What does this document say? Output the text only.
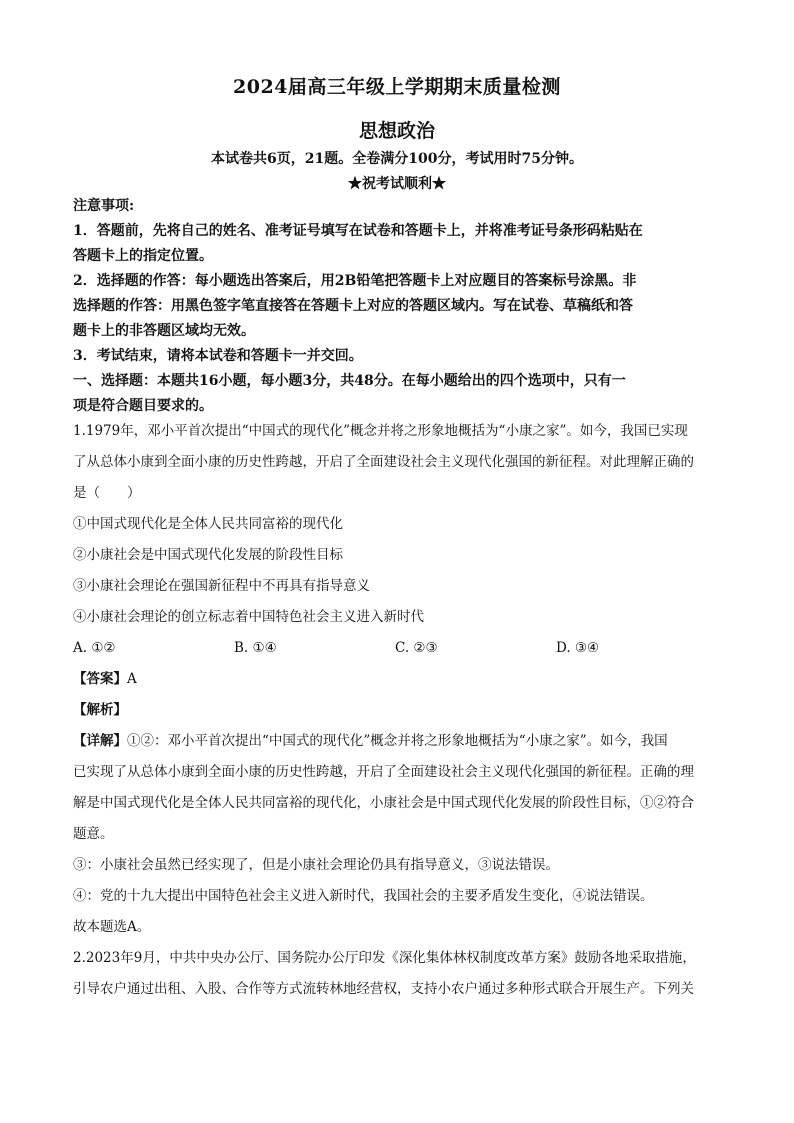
2024届高三年级上学期期末质量检测
思想政治
本试卷共6页，21题。全卷满分100分，考试用时75分钟。
★祝考试顺利★
注意事项:
1．答题前，先将自己的姓名、准考证号填写在试卷和答题卡上，并将准考证号条形码粘贴在
答题卡上的指定位置。
2．选择题的作答：每小题选出答案后，用2B铅笔把答题卡上对应题目的答案标号涂黑。非
选择题的作答：用黑色签字笔直接答在答题卡上对应的答题区域内。写在试卷、草稿纸和答
题卡上的非答题区域均无效。
3．考试结束，请将本试卷和答题卡一并交回。
一、选择题：本题共16小题，每小题3分，共48分。在每小题给出的四个选项中，只有一
项是符合题目要求的。
1.1979年，邓小平首次提出“中国式的现代化”概念并将之形象地概括为“小康之家”。如今，我国已实现
了从总体小康到全面小康的历史性跨越，开启了全面建设社会主义现代化强国的新征程。对此理解正确的
是（　　）
①中国式现代化是全体人民共同富裕的现代化
②小康社会是中国式现代化发展的阶段性目标
③小康社会理论在强国新征程中不再具有指导意义
④小康社会理论的创立标志着中国特色社会主义进入新时代
A. ①②	B. ①④	C. ②③	D. ③④
【答案】A
【解析】
【详解】①②：邓小平首次提出“中国式的现代化”概念并将之形象地概括为“小康之家”。如今，我国
已实现了从总体小康到全面小康的历史性跨越，开启了全面建设社会主义现代化强国的新征程。正确的理
解是中国式现代化是全体人民共同富裕的现代化，小康社会是中国式现代化发展的阶段性目标，①②符合
题意。
③：小康社会虽然已经实现了，但是小康社会理论仍具有指导意义，③说法错误。
④：党的十九大提出中国特色社会主义进入新时代，我国社会的主要矛盾发生变化，④说法错误。
故本题选A。
2.2023年9月，中共中央办公厅、国务院办公厅印发《深化集体林权制度改革方案》鼓励各地采取措施，
引导农户通过出租、入股、合作等方式流转林地经营权，支持小农户通过多种形式联合开展生产。下列关
